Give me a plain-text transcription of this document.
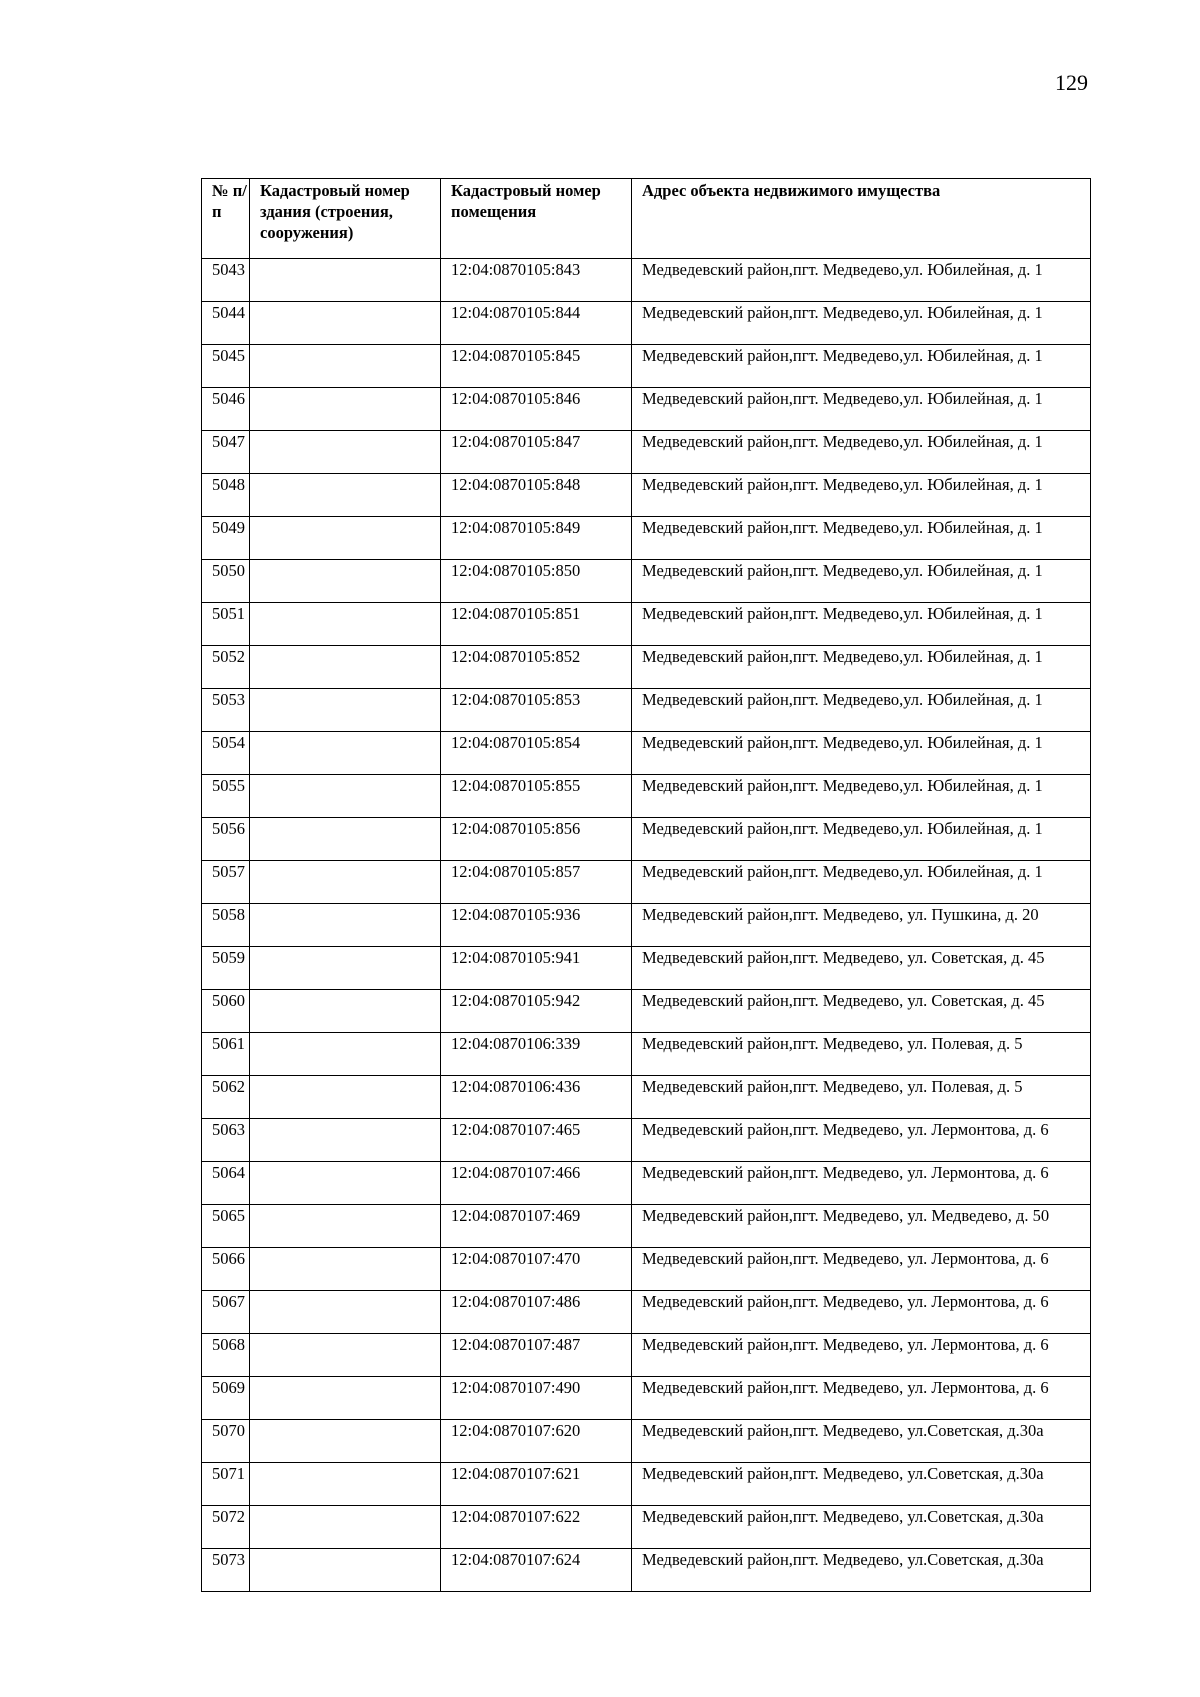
129
№ п/п	Кадастровый номер здания (строения, сооружения)	Кадастровый номер помещения	Адрес объекта недвижимого имущества
5043		12:04:0870105:843	Медведевский район,пгт. Медведево,ул. Юбилейная, д. 1
5044		12:04:0870105:844	Медведевский район,пгт. Медведево,ул. Юбилейная, д. 1
5045		12:04:0870105:845	Медведевский район,пгт. Медведево,ул. Юбилейная, д. 1
5046		12:04:0870105:846	Медведевский район,пгт. Медведево,ул. Юбилейная, д. 1
5047		12:04:0870105:847	Медведевский район,пгт. Медведево,ул. Юбилейная, д. 1
5048		12:04:0870105:848	Медведевский район,пгт. Медведево,ул. Юбилейная, д. 1
5049		12:04:0870105:849	Медведевский район,пгт. Медведево,ул. Юбилейная, д. 1
5050		12:04:0870105:850	Медведевский район,пгт. Медведево,ул. Юбилейная, д. 1
5051		12:04:0870105:851	Медведевский район,пгт. Медведево,ул. Юбилейная, д. 1
5052		12:04:0870105:852	Медведевский район,пгт. Медведево,ул. Юбилейная, д. 1
5053		12:04:0870105:853	Медведевский район,пгт. Медведево,ул. Юбилейная, д. 1
5054		12:04:0870105:854	Медведевский район,пгт. Медведево,ул. Юбилейная, д. 1
5055		12:04:0870105:855	Медведевский район,пгт. Медведево,ул. Юбилейная, д. 1
5056		12:04:0870105:856	Медведевский район,пгт. Медведево,ул. Юбилейная, д. 1
5057		12:04:0870105:857	Медведевский район,пгт. Медведево,ул. Юбилейная, д. 1
5058		12:04:0870105:936	Медведевский район,пгт. Медведево, ул. Пушкина, д. 20
5059		12:04:0870105:941	Медведевский район,пгт. Медведево, ул. Советская, д. 45
5060		12:04:0870105:942	Медведевский район,пгт. Медведево, ул. Советская, д. 45
5061		12:04:0870106:339	Медведевский район,пгт. Медведево, ул. Полевая, д. 5
5062		12:04:0870106:436	Медведевский район,пгт. Медведево, ул. Полевая, д. 5
5063		12:04:0870107:465	Медведевский район,пгт. Медведево, ул. Лермонтова, д. 6
5064		12:04:0870107:466	Медведевский район,пгт. Медведево, ул. Лермонтова, д. 6
5065		12:04:0870107:469	Медведевский район,пгт. Медведево, ул. Медведево, д. 50
5066		12:04:0870107:470	Медведевский район,пгт. Медведево, ул. Лермонтова, д. 6
5067		12:04:0870107:486	Медведевский район,пгт. Медведево, ул. Лермонтова, д. 6
5068		12:04:0870107:487	Медведевский район,пгт. Медведево, ул. Лермонтова, д. 6
5069		12:04:0870107:490	Медведевский район,пгт. Медведево, ул. Лермонтова, д. 6
5070		12:04:0870107:620	Медведевский район,пгт. Медведево, ул.Советская, д.30а
5071		12:04:0870107:621	Медведевский район,пгт. Медведево, ул.Советская, д.30а
5072		12:04:0870107:622	Медведевский район,пгт. Медведево, ул.Советская, д.30а
5073		12:04:0870107:624	Медведевский район,пгт. Медведево, ул.Советская, д.30а
